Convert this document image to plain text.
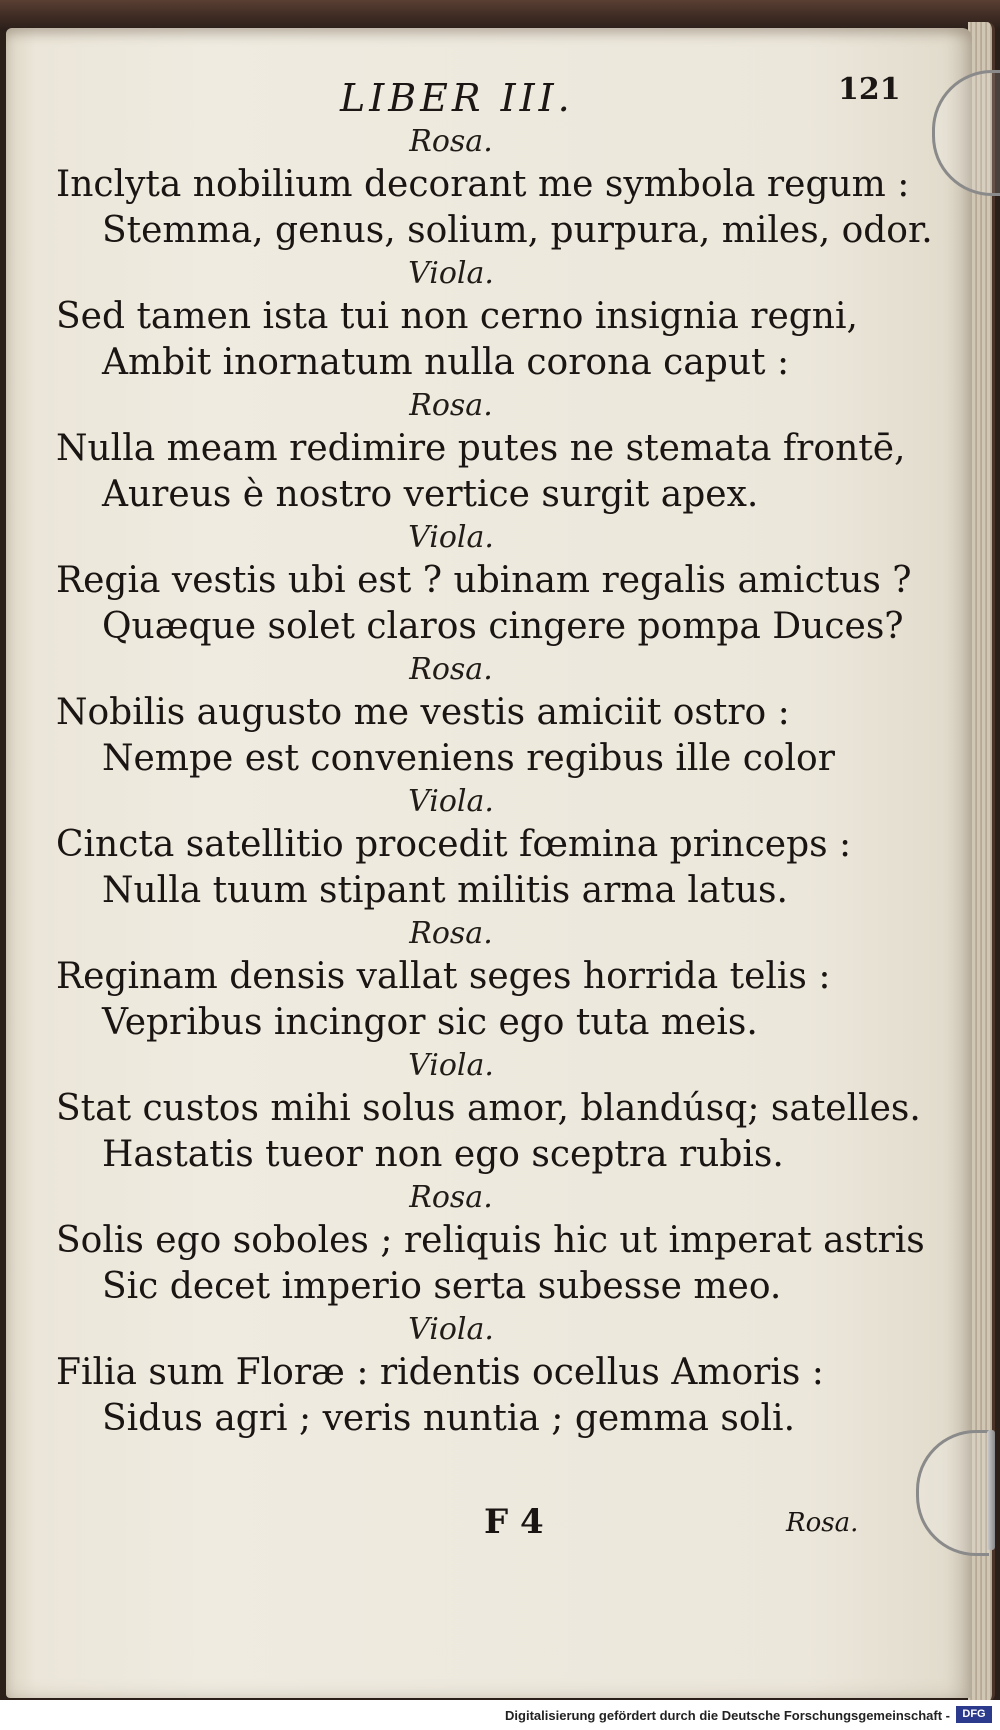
LIBER III.	121
Rosa.
Inclyta nobilium decorant me symbola regum :
Stemma, genus, solium, purpura, miles, odor.
Viola.
Sed tamen ista tui non cerno insignia regni,
Ambit inornatum nulla corona caput :
Rosa.
Nulla meam redimire putes ne stemata frontē,
Aureus è nostro vertice surgit apex.
Viola.
Regia vestis ubi est ? ubinam regalis amictus ?
Quæque solet claros cingere pompa Duces?
Rosa.
Nobilis augusto me vestis amiciit ostro :
Nempe est conveniens regibus ille color
Viola.
Cincta satellitio procedit fœmina princeps :
Nulla tuum stipant militis arma latus.
Rosa.
Reginam densis vallat seges horrida telis :
Vepribus incingor sic ego tuta meis.
Viola.
Stat custos mihi solus amor, blandúsq; satelles.
Hastatis tueor non ego sceptra rubis.
Rosa.
Solis ego soboles ; reliquis hic ut imperat astris
Sic decet imperio serta subesse meo.
Viola.
Filia sum Floræ : ridentis ocellus Amoris :
Sidus agri ; veris nuntia ; gemma soli.
F 4	Rosa.
Digitalisierung gefördert durch die Deutsche Forschungsgemeinschaft -	DFG
